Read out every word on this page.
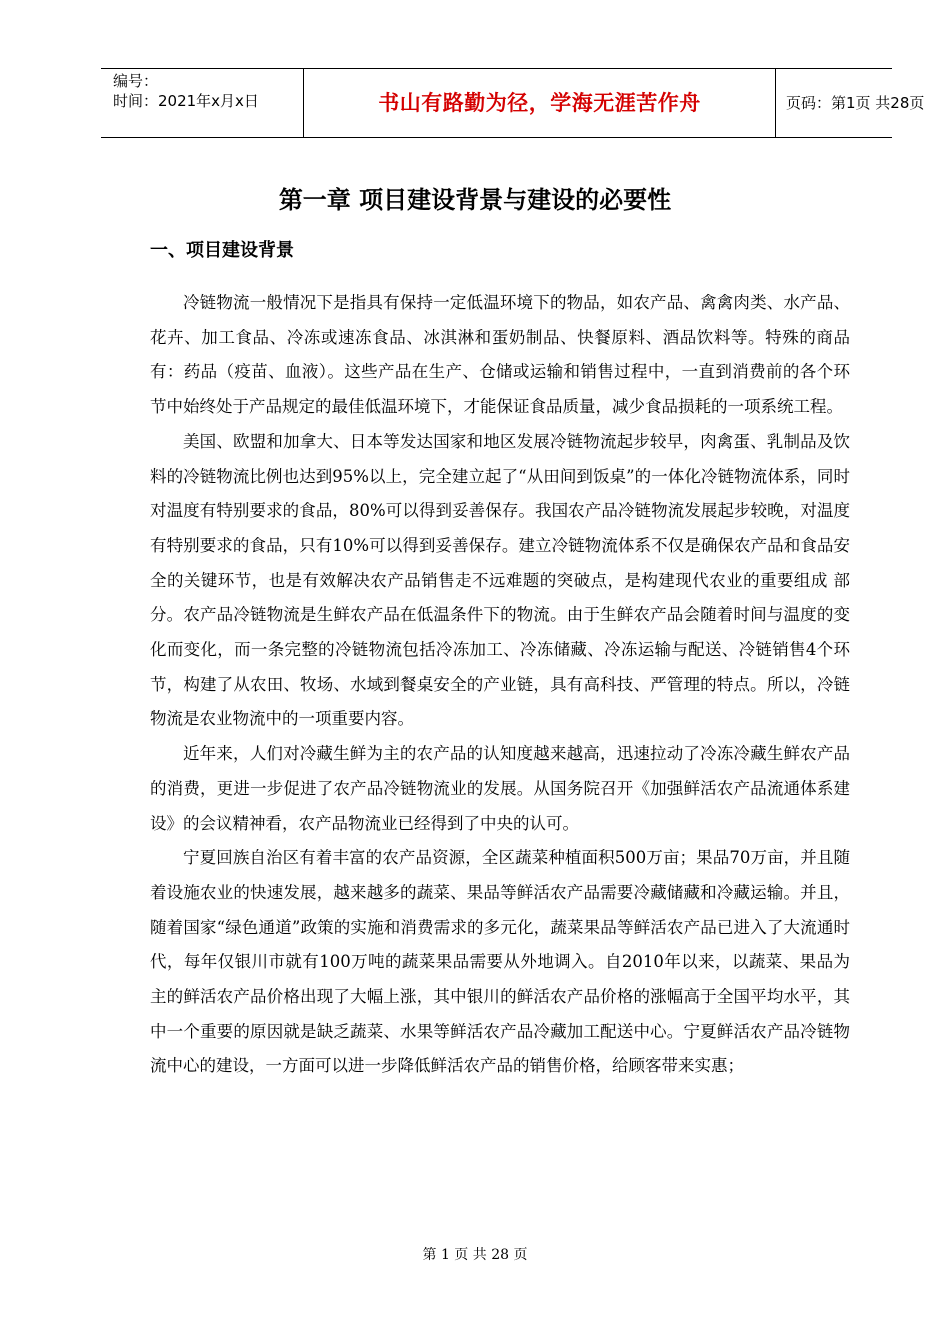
编号：
时间：2021年x月x日	书山有路勤为径，学海无涯苦作舟	页码：第1页 共28页
第一章 项目建设背景与建设的必要性
一、项目建设背景

冷链物流一般情况下是指具有保持一定低温环境下的物品，如农产品、禽禽肉类、水产品、花卉、加工食品、冷冻或速冻食品、冰淇淋和蛋奶制品、快餐原料、酒品饮料等。特殊的商品有：药品（疫苗、血液）。这些产品在生产、仓储或运输和销售过程中，一直到消费前的各个环节中始终处于产品规定的最佳低温环境下，才能保证食品质量，减少食品损耗的一项系统工程。

美国、欧盟和加拿大、日本等发达国家和地区发展冷链物流起步较早，肉禽蛋、乳制品及饮料的冷链物流比例也达到95%以上，完全建立起了“从田间到饭桌”的一体化冷链物流体系，同时对温度有特别要求的食品，80%可以得到妥善保存。我国农产品冷链物流发展起步较晚，对温度有特别要求的食品，只有10%可以得到妥善保存。建立冷链物流体系不仅是确保农产品和食品安全的关键环节，也是有效解决农产品销售走不远难题的突破点，是构建现代农业的重要组成 部分。农产品冷链物流是生鲜农产品在低温条件下的物流。由于生鲜农产品会随着时间与温度的变化而变化，而一条完整的冷链物流包括冷冻加工、冷冻储藏、冷冻运输与配送、冷链销售4个环节，构建了从农田、牧场、水域到餐桌安全的产业链，具有高科技、严管理的特点。所以，冷链物流是农业物流中的一项重要内容。

近年来，人们对冷藏生鲜为主的农产品的认知度越来越高，迅速拉动了冷冻冷藏生鲜农产品的消费，更进一步促进了农产品冷链物流业的发展。从国务院召开《加强鲜活农产品流通体系建设》的会议精神看，农产品物流业已经得到了中央的认可。

宁夏回族自治区有着丰富的农产品资源，全区蔬菜种植面积500万亩；果品70万亩，并且随着设施农业的快速发展，越来越多的蔬菜、果品等鲜活农产品需要冷藏储藏和冷藏运输。并且，随着国家“绿色通道”政策的实施和消费需求的多元化，蔬菜果品等鲜活农产品已进入了大流通时代，每年仅银川市就有100万吨的蔬菜果品需要从外地调入。自2010年以来，以蔬菜、果品为主的鲜活农产品价格出现了大幅上涨，其中银川的鲜活农产品价格的涨幅高于全国平均水平，其中一个重要的原因就是缺乏蔬菜、水果等鲜活农产品冷藏加工配送中心。宁夏鲜活农产品冷链物流中心的建设，一方面可以进一步降低鲜活农产品的销售价格，给顾客带来实惠；

第 1 页 共 28 页
